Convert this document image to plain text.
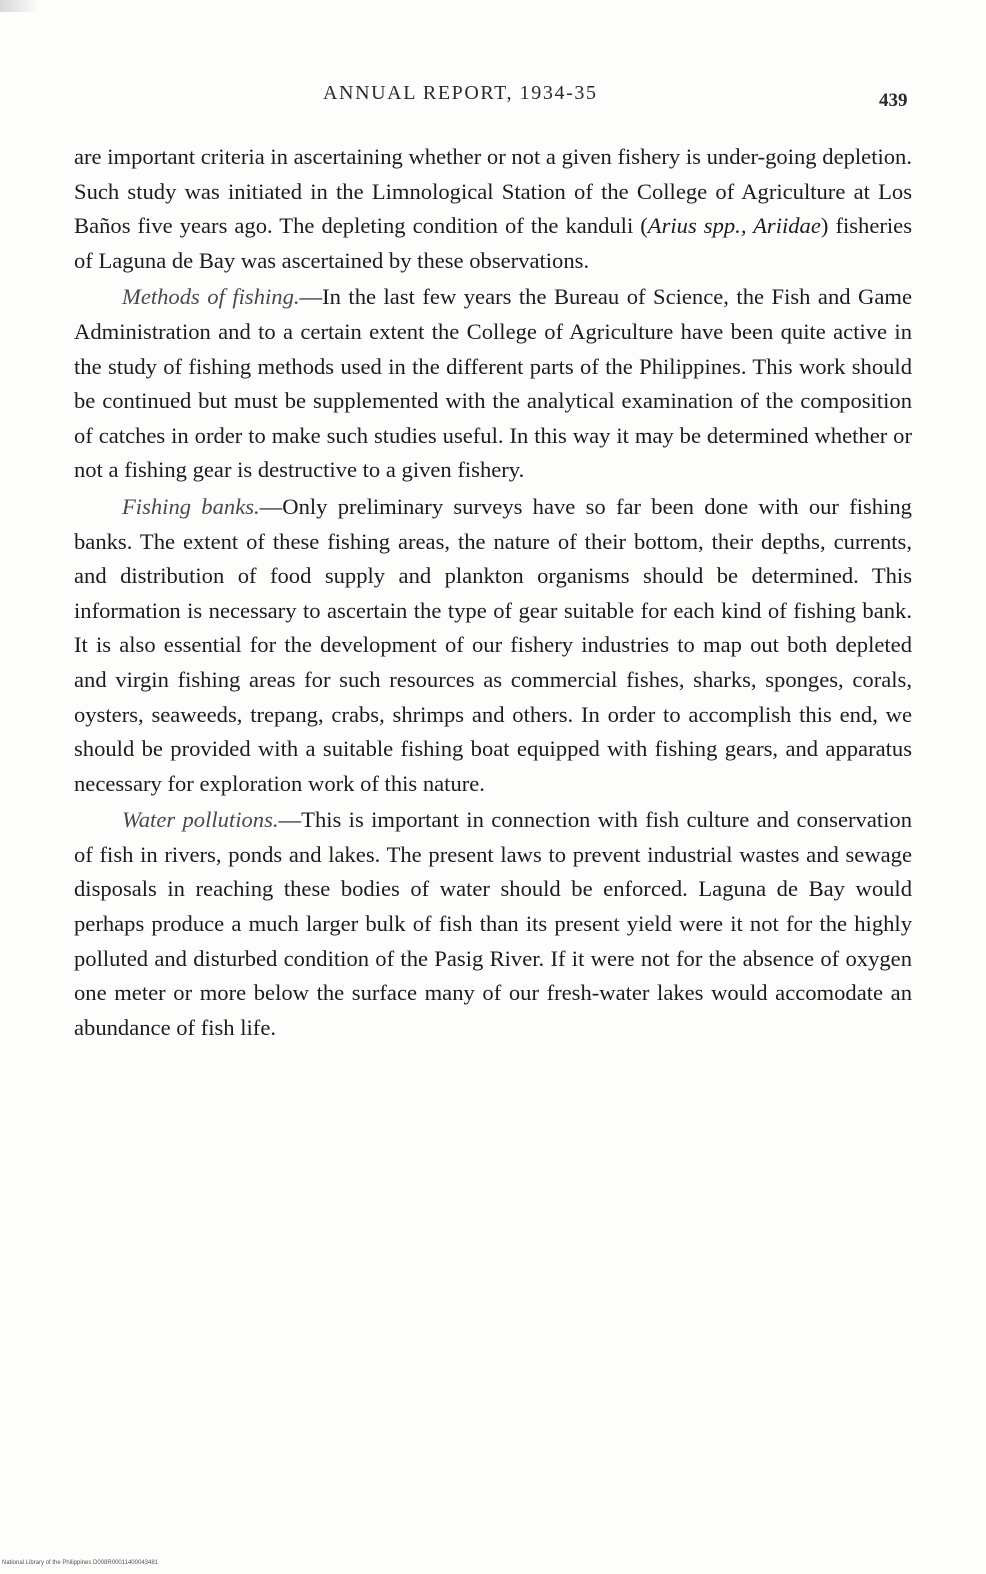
ANNUAL REPORT, 1934-35	439

are important criteria in ascertaining whether or not a given fishery is under-going depletion. Such study was initiated in the Limnological Station of the College of Agriculture at Los Baños five years ago. The depleting condition of the kanduli (Arius spp., Ariidae) fisheries of Laguna de Bay was ascertained by these observations.

Methods of fishing.—In the last few years the Bureau of Science, the Fish and Game Administration and to a certain extent the College of Agriculture have been quite active in the study of fishing methods used in the different parts of the Philippines. This work should be continued but must be supplemented with the analytical examination of the composition of catches in order to make such studies useful. In this way it may be determined whether or not a fishing gear is destructive to a given fishery.

Fishing banks.—Only preliminary surveys have so far been done with our fishing banks. The extent of these fishing areas, the nature of their bottom, their depths, currents, and distribution of food supply and plankton organisms should be determined. This information is necessary to ascertain the type of gear suitable for each kind of fishing bank. It is also essential for the development of our fishery industries to map out both depleted and virgin fishing areas for such resources as commercial fishes, sharks, sponges, corals, oysters, seaweeds, trepang, crabs, shrimps and others. In order to accomplish this end, we should be provided with a suitable fishing boat equipped with fishing gears, and apparatus necessary for exploration work of this nature.

Water pollutions.—This is important in connection with fish culture and conservation of fish in rivers, ponds and lakes. The present laws to prevent industrial wastes and sewage disposals in reaching these bodies of water should be enforced. Laguna de Bay would perhaps produce a much larger bulk of fish than its present yield were it not for the highly polluted and disturbed condition of the Pasig River. If it were not for the absence of oxygen one meter or more below the surface many of our fresh-water lakes would accomodate an abundance of fish life.

National Library of the Philippines D008R00011400043481
